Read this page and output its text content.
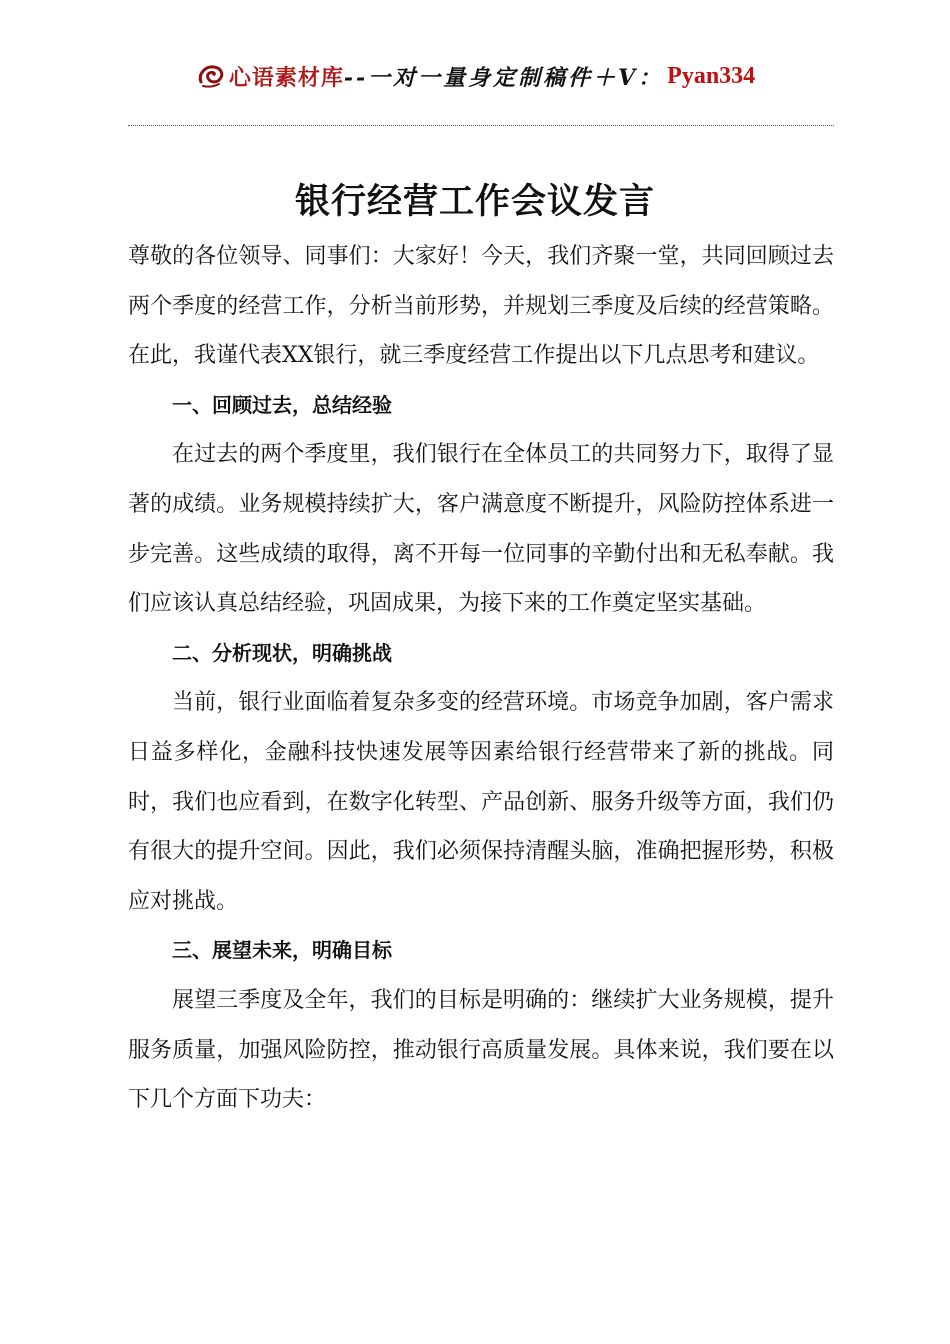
心语素材库 --一对一量身定制稿件＋V： Pyan334
银行经营工作会议发言

尊敬的各位领导、同事们：大家好！今天，我们齐聚一堂，共同回顾过去两个季度的经营工作，分析当前形势，并规划三季度及后续的经营策略。在此，我谨代表XX银行，就三季度经营工作提出以下几点思考和建议。

一、回顾过去，总结经验

在过去的两个季度里，我们银行在全体员工的共同努力下，取得了显著的成绩。业务规模持续扩大，客户满意度不断提升，风险防控体系进一步完善。这些成绩的取得，离不开每一位同事的辛勤付出和无私奉献。我们应该认真总结经验，巩固成果，为接下来的工作奠定坚实基础。

二、分析现状，明确挑战

当前，银行业面临着复杂多变的经营环境。市场竞争加剧，客户需求日益多样化，金融科技快速发展等因素给银行经营带来了新的挑战。同时，我们也应看到，在数字化转型、产品创新、服务升级等方面，我们仍有很大的提升空间。因此，我们必须保持清醒头脑，准确把握形势，积极应对挑战。

三、展望未来，明确目标

展望三季度及全年，我们的目标是明确的：继续扩大业务规模，提升服务质量，加强风险防控，推动银行高质量发展。具体来说，我们要在以下几个方面下功夫：
